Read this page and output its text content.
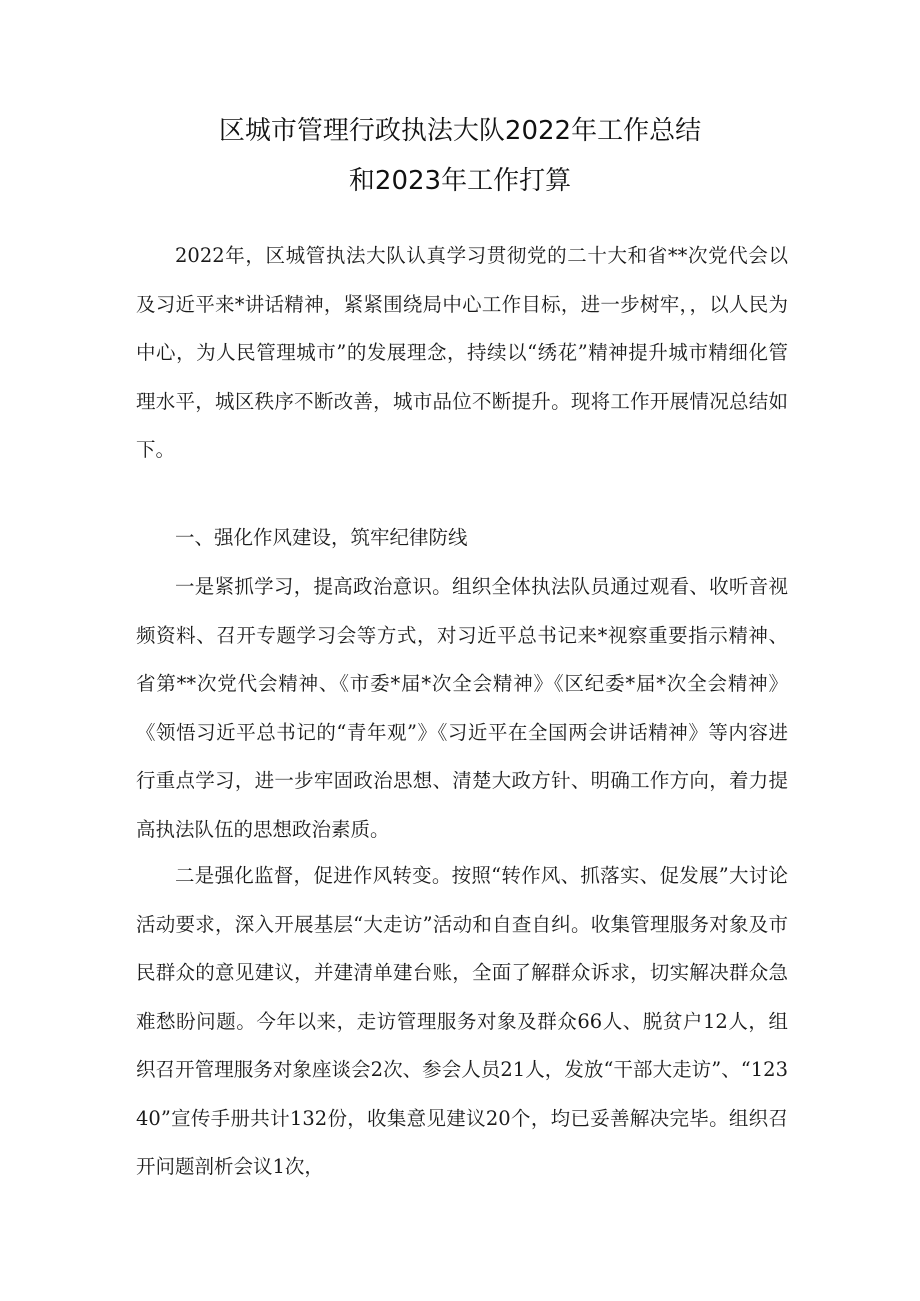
区城市管理行政执法大队2022年工作总结
和2023年工作打算
2022年，区城管执法大队认真学习贯彻党的二十大和省**次党代会以及习近平来*讲话精神，紧紧围绕局中心工作目标，进一步树牢，，以人民为中心，为人民管理城市”的发展理念，持续以“绣花”精神提升城市精细化管理水平，城区秩序不断改善，城市品位不断提升。现将工作开展情况总结如下。
一、强化作风建设，筑牢纪律防线
一是紧抓学习，提高政治意识。组织全体执法队员通过观看、收听音视频资料、召开专题学习会等方式，对习近平总书记来*视察重要指示精神、省第**次党代会精神、《市委*届*次全会精神》《区纪委*届*次全会精神》《领悟习近平总书记的“青年观”》《习近平在全国两会讲话精神》等内容进行重点学习，进一步牢固政治思想、清楚大政方针、明确工作方向，着力提高执法队伍的思想政治素质。
二是强化监督，促进作风转变。按照“转作风、抓落实、促发展”大讨论活动要求，深入开展基层“大走访”活动和自查自纠。收集管理服务对象及市民群众的意见建议，并建清单建台账，全面了解群众诉求，切实解决群众急难愁盼问题。今年以来，走访管理服务对象及群众66人、脱贫户12人，组织召开管理服务对象座谈会2次、参会人员21人，发放“干部大走访”、“12340”宣传手册共计132份，收集意见建议20个，均已妥善解决完毕。组织召开问题剖析会议1次，
